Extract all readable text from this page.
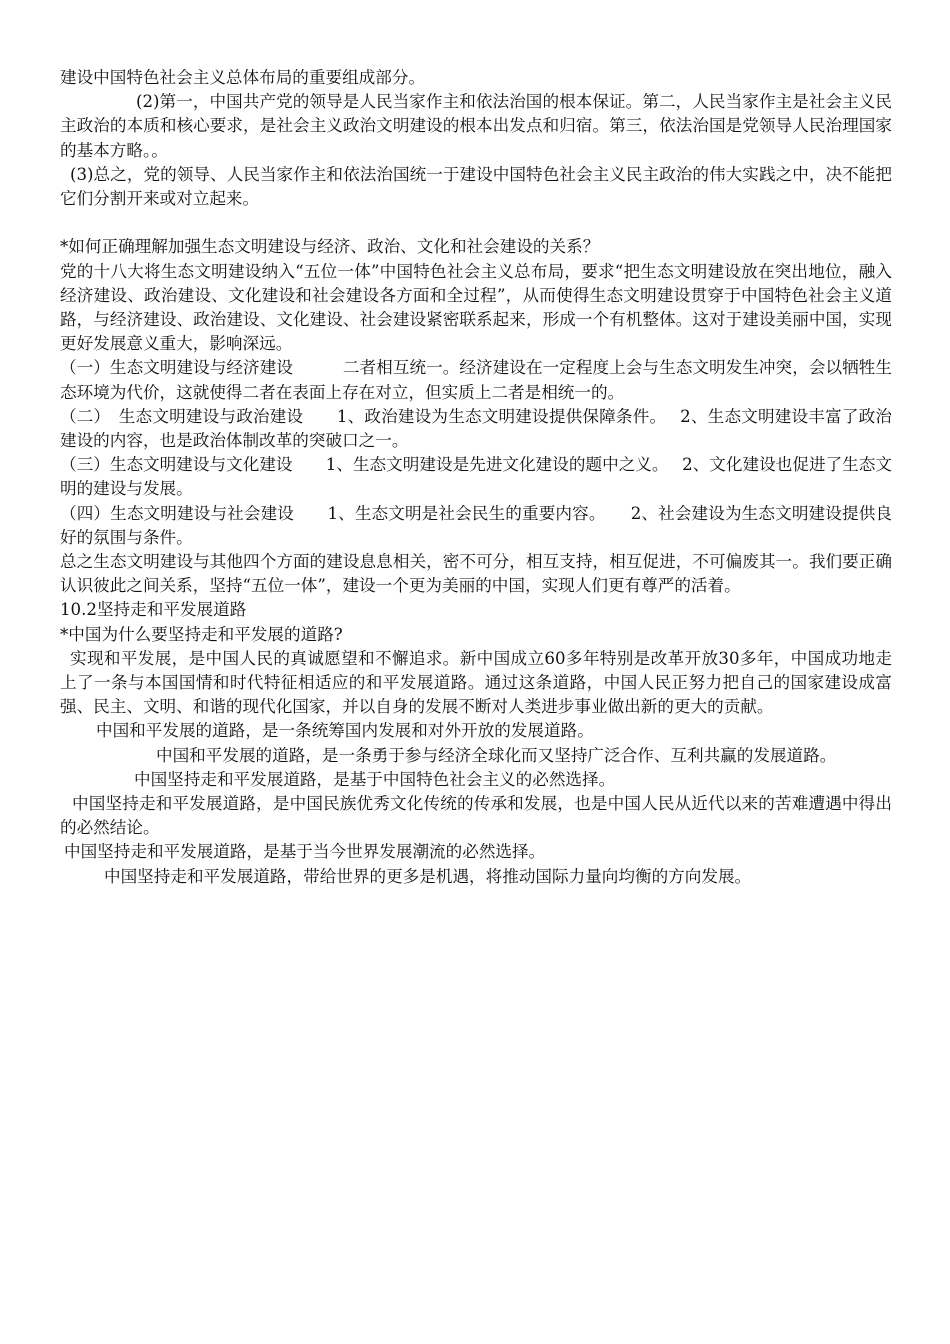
建设中国特色社会主义总体布局的重要组成部分。

(2)第一，中国共产党的领导是人民当家作主和依法治国的根本保证。第二，人民当家作主是社会主义民主政治的本质和核心要求，是社会主义政治文明建设的根本出发点和归宿。第三，依法治国是党领导人民治理国家的基本方略。。

(3)总之，党的领导、人民当家作主和依法治国统一于建设中国特色社会主义民主政治的伟大实践之中，决不能把它们分割开来或对立起来。

*如何正确理解加强生态文明建设与经济、政治、文化和社会建设的关系？

党的十八大将生态文明建设纳入“五位一体”中国特色社会主义总布局，要求“把生态文明建设放在突出地位，融入经济建设、政治建设、文化建设和社会建设各方面和全过程”，从而使得生态文明建设贯穿于中国特色社会主义道路，与经济建设、政治建设、文化建设、社会建设紧密联系起来，形成一个有机整体。这对于建设美丽中国，实现更好发展意义重大，影响深远。

（一）生态文明建设与经济建设　　　二者相互统一。经济建设在一定程度上会与生态文明发生冲突，会以牺牲生态环境为代价，这就使得二者在表面上存在对立，但实质上二者是相统一的。

（二）　生态文明建设与政治建设　　1、政治建设为生态文明建设提供保障条件。　 2、生态文明建设丰富了政治建设的内容，也是政治体制改革的突破口之一。

（三）生态文明建设与文化建设　　1、生态文明建设是先进文化建设的题中之义。　 2、文化建设也促进了生态文明的建设与发展。

（四）生态文明建设与社会建设　　1、生态文明是社会民生的重要内容。　　2、社会建设为生态文明建设提供良好的氛围与条件。

总之生态文明建设与其他四个方面的建设息息相关，密不可分，相互支持，相互促进，不可偏废其一。我们要正确认识彼此之间关系，坚持“五位一体”，建设一个更为美丽的中国，实现人们更有尊严的活着。

10.2坚持走和平发展道路

*中国为什么要坚持走和平发展的道路?

实现和平发展，是中国人民的真诚愿望和不懈追求。新中国成立60多年特别是改革开放30多年，中国成功地走上了一条与本国国情和时代特征相适应的和平发展道路。通过这条道路，中国人民正努力把自己的国家建设成富强、民主、文明、和谐的现代化国家，并以自身的发展不断对人类进步事业做出新的更大的贡献。

中国和平发展的道路，是一条统筹国内发展和对外开放的发展道路。

中国和平发展的道路，是一条勇于参与经济全球化而又坚持广泛合作、互利共赢的发展道路。

中国坚持走和平发展道路，是基于中国特色社会主义的必然选择。

中国坚持走和平发展道路，是中国民族优秀文化传统的传承和发展，也是中国人民从近代以来的苦难遭遇中得出的必然结论。

中国坚持走和平发展道路，是基于当今世界发展潮流的必然选择。

中国坚持走和平发展道路，带给世界的更多是机遇，将推动国际力量向均衡的方向发展。
